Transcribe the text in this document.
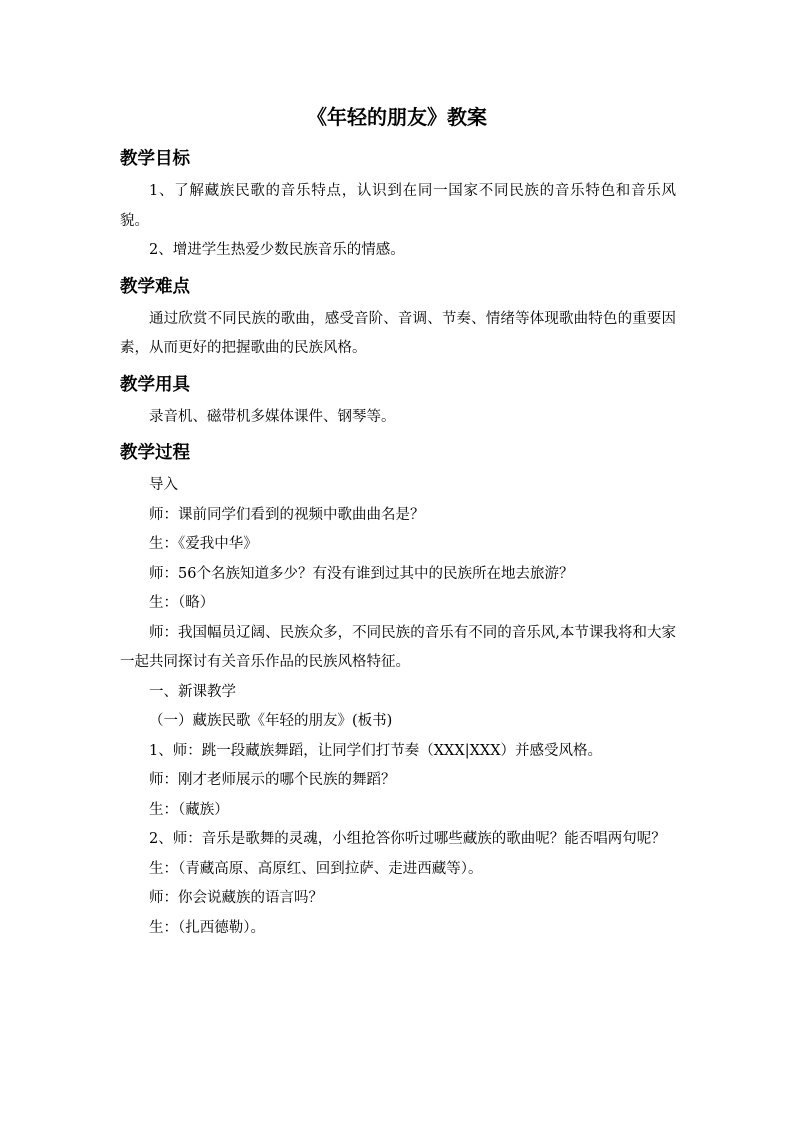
《年轻的朋友》教案
教学目标

1、了解藏族民歌的音乐特点，认识到在同一国家不同民族的音乐特色和音乐风貌。

2、增进学生热爱少数民族音乐的情感。

教学难点

通过欣赏不同民族的歌曲，感受音阶、音调、节奏、情绪等体现歌曲特色的重要因素，从而更好的把握歌曲的民族风格。

教学用具

录音机、磁带机多媒体课件、钢琴等。

教学过程

导入

师：课前同学们看到的视频中歌曲曲名是？

生：《爱我中华》

师：56个名族知道多少？有没有谁到过其中的民族所在地去旅游？

生：（略）

师：我国幅员辽阔、民族众多，不同民族的音乐有不同的音乐风,本节课我将和大家一起共同探讨有关音乐作品的民族风格特征。

一、新课教学

（一）藏族民歌《年轻的朋友》(板书)

1、师：跳一段藏族舞蹈，让同学们打节奏（XXX|XXX）并感受风格。

师：刚才老师展示的哪个民族的舞蹈？

生：（藏族）

2、师：音乐是歌舞的灵魂，小组抢答你听过哪些藏族的歌曲呢？能否唱两句呢？

生：（青藏高原、高原红、回到拉萨、走进西藏等）。

师：你会说藏族的语言吗？

生：（扎西德勒）。
